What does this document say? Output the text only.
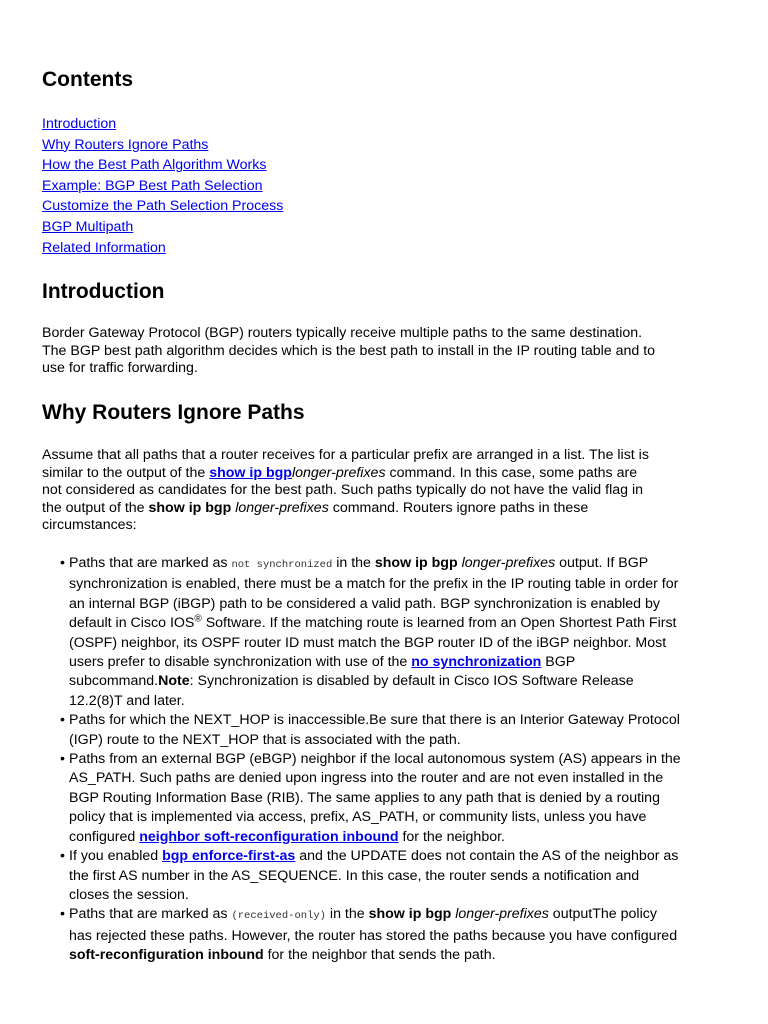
Contents
Introduction
Why Routers Ignore Paths
How the Best Path Algorithm Works
Example: BGP Best Path Selection
Customize the Path Selection Process
BGP Multipath
Related Information
Introduction

Border Gateway Protocol (BGP) routers typically receive multiple paths to the same destination. The BGP best path algorithm decides which is the best path to install in the IP routing table and to use for traffic forwarding.

Why Routers Ignore Paths

Assume that all paths that a router receives for a particular prefix are arranged in a list. The list is similar to the output of the show ip bgplonger-prefixes command. In this case, some paths are not considered as candidates for the best path. Such paths typically do not have the valid flag in the output of the show ip bgp longer-prefixes command. Routers ignore paths in these circumstances:

• Paths that are marked as not synchronized in the show ip bgp longer-prefixes output. If BGP synchronization is enabled, there must be a match for the prefix in the IP routing table in order for an internal BGP (iBGP) path to be considered a valid path. BGP synchronization is enabled by default in Cisco IOS® Software. If the matching route is learned from an Open Shortest Path First (OSPF) neighbor, its OSPF router ID must match the BGP router ID of the iBGP neighbor. Most users prefer to disable synchronization with use of the no synchronization BGP subcommand.Note: Synchronization is disabled by default in Cisco IOS Software Release 12.2(8)T and later.
• Paths for which the NEXT_HOP is inaccessible.Be sure that there is an Interior Gateway Protocol (IGP) route to the NEXT_HOP that is associated with the path.
• Paths from an external BGP (eBGP) neighbor if the local autonomous system (AS) appears in the AS_PATH. Such paths are denied upon ingress into the router and are not even installed in the BGP Routing Information Base (RIB). The same applies to any path that is denied by a routing policy that is implemented via access, prefix, AS_PATH, or community lists, unless you have configured neighbor soft-reconfiguration inbound for the neighbor.
• If you enabled bgp enforce-first-as and the UPDATE does not contain the AS of the neighbor as the first AS number in the AS_SEQUENCE. In this case, the router sends a notification and closes the session.
• Paths that are marked as (received-only) in the show ip bgp longer-prefixes outputThe policy has rejected these paths. However, the router has stored the paths because you have configured soft-reconfiguration inbound for the neighbor that sends the path.
